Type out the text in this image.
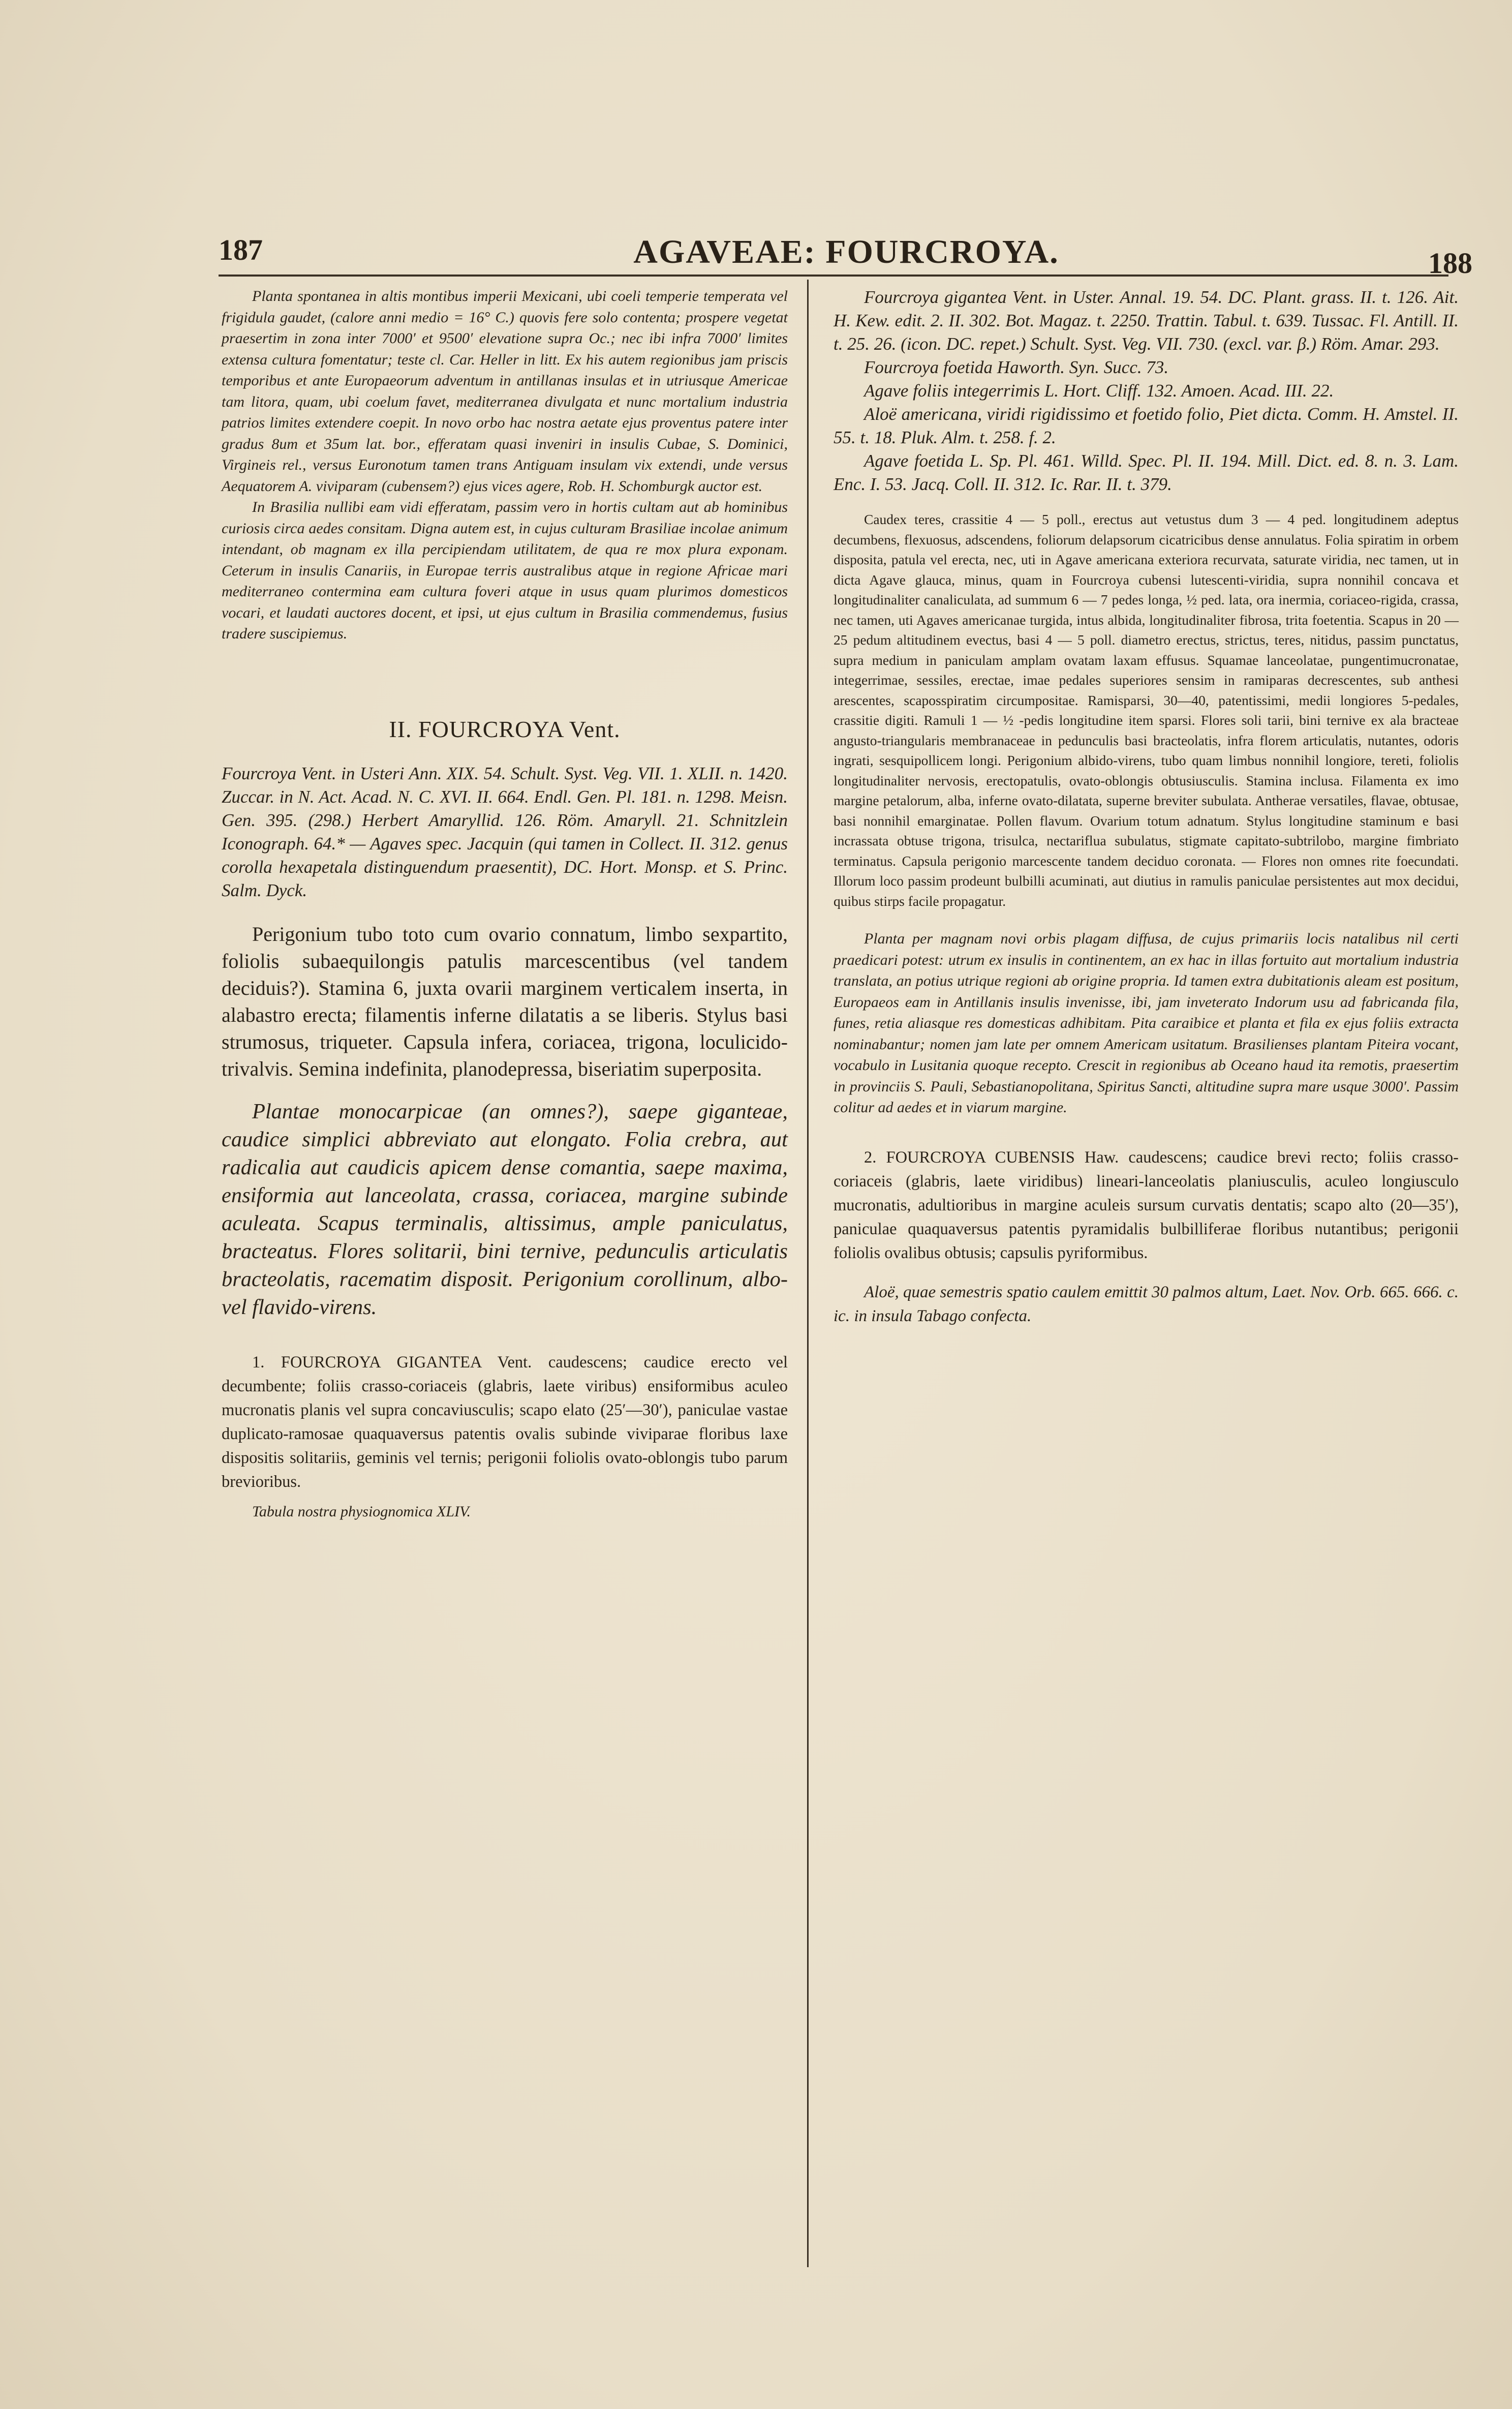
187	AGAVEAE: FOURCROYA.	188

Planta spontanea in altis montibus imperii Mexicani, ubi coeli temperie temperata vel frigidula gaudet, (calore anni medio = 16° C.) quovis fere solo contenta; prospere vegetat praesertim in zona inter 7000′ et 9500′ elevatione supra Oc.; nec ibi infra 7000′ limites extensa cultura fomentatur; teste cl. Car. Heller in litt. Ex his autem regionibus jam priscis temporibus et ante Europaeorum adventum in antillanas insulas et in utriusque Americae tam litora, quam, ubi coelum favet, mediterranea divulgata et nunc mortalium industria patrios limites extendere coepit. In novo orbo hac nostra aetate ejus proventus patere inter gradus 8um et 35um lat. bor., efferatam quasi inveniri in insulis Cubae, S. Dominici, Virgineis rel., versus Euronotum tamen trans Antiguam insulam vix extendi, unde versus Aequatorem A. viviparam (cubensem?) ejus vices agere, Rob. H. Schomburgk auctor est.

In Brasilia nullibi eam vidi efferatam, passim vero in hortis cultam aut ab hominibus curiosis circa aedes consitam. Digna autem est, in cujus culturam Brasiliae incolae animum intendant, ob magnam ex illa percipiendam utilitatem, de qua re mox plura exponam. Ceterum in insulis Canariis, in Europae terris australibus atque in regione Africae mari mediterraneo contermina eam cultura foveri atque in usus quam plurimos domesticos vocari, et laudati auctores docent, et ipsi, ut ejus cultum in Brasilia commendemus, fusius tradere suscipiemus.

II. FOURCROYA Vent.

Fourcroya Vent. in Usteri Ann. XIX. 54. Schult. Syst. Veg. VII. 1. XLII. n. 1420. Zuccar. in N. Act. Acad. N. C. XVI. II. 664. Endl. Gen. Pl. 181. n. 1298. Meisn. Gen. 395. (298.) Herbert Amaryllid. 126. Röm. Amaryll. 21. Schnitzlein Iconograph. 64.* — Agaves spec. Jacquin (qui tamen in Collect. II. 312. genus corolla hexapetala distinguendum praesentit), DC. Hort. Monsp. et S. Princ. Salm. Dyck.

Perigonium tubo toto cum ovario connatum, limbo sexpartito, foliolis subaequilongis patulis marcescentibus (vel tandem deciduis?). Stamina 6, juxta ovarii marginem verticalem inserta, in alabastro erecta; filamentis inferne dilatatis a se liberis. Stylus basi strumosus, triqueter. Capsula infera, coriacea, trigona, loculicido-trivalvis. Semina indefinita, planodepressa, biseriatim superposita.

Plantae monocarpicae (an omnes?), saepe giganteae, caudice simplici abbreviato aut elongato. Folia crebra, aut radicalia aut caudicis apicem dense comantia, saepe maxima, ensiformia aut lanceolata, crassa, coriacea, margine subinde aculeata. Scapus terminalis, altissimus, ample paniculatus, bracteatus. Flores solitarii, bini ternive, pedunculis articulatis bracteolatis, racematim disposit. Perigonium corollinum, albo- vel flavido-virens.

1. FOURCROYA GIGANTEA Vent. caudescens; caudice erecto vel decumbente; foliis crasso-coriaceis (glabris, laete viribus) ensiformibus aculeo mucronatis planis vel supra concaviusculis; scapo elato (25′—30′), paniculae vastae duplicato-ramosae quaquaversus patentis ovalis subinde viviparae floribus laxe dispositis solitariis, geminis vel ternis; perigonii foliolis ovato-oblongis tubo parum brevioribus.

Tabula nostra physiognomica XLIV.

Fourcroya gigantea Vent. in Uster. Annal. 19. 54. DC. Plant. grass. II. t. 126. Ait. H. Kew. edit. 2. II. 302. Bot. Magaz. t. 2250. Trattin. Tabul. t. 639. Tussac. Fl. Antill. II. t. 25. 26. (icon. DC. repet.) Schult. Syst. Veg. VII. 730. (excl. var. β.) Röm. Amar. 293.

Fourcroya foetida Haworth. Syn. Succ. 73.

Agave foliis integerrimis L. Hort. Cliff. 132. Amoen. Acad. III. 22.

Aloë americana, viridi rigidissimo et foetido folio, Piet dicta. Comm. H. Amstel. II. 55. t. 18. Pluk. Alm. t. 258. f. 2.

Agave foetida L. Sp. Pl. 461. Willd. Spec. Pl. II. 194. Mill. Dict. ed. 8. n. 3. Lam. Enc. I. 53. Jacq. Coll. II. 312. Ic. Rar. II. t. 379.

Caudex teres, crassitie 4 — 5 poll., erectus aut vetustus dum 3 — 4 ped. longitudinem adeptus decumbens, flexuosus, adscendens, foliorum delapsorum cicatricibus dense annulatus. Folia spiratim in orbem disposita, patula vel erecta, nec, uti in Agave americana exteriora recurvata, saturate viridia, nec tamen, ut in dicta Agave glauca, minus, quam in Fourcroya cubensi lutescenti-viridia, supra nonnihil concava et longitudinaliter canaliculata, ad summum 6 — 7 pedes longa, ½ ped. lata, ora inermia, coriaceo-rigida, crassa, nec tamen, uti Agaves americanae turgida, intus albida, longitudinaliter fibrosa, trita foetentia. Scapus in 20 — 25 pedum altitudinem evectus, basi 4 — 5 poll. diametro erectus, strictus, teres, nitidus, passim punctatus, supra medium in paniculam amplam ovatam laxam effusus. Squamae lanceolatae, pungentimucronatae, integerrimae, sessiles, erectae, imae pedales superiores sensim in ramiparas decrescentes, sub anthesi arescentes, scaposspiratim circumpositae. Ramisparsi, 30—40, patentissimi, medii longiores 5-pedales, crassitie digiti. Ramuli 1 — ½ -pedis longitudine item sparsi. Flores soli tarii, bini ternive ex ala bracteae angusto-triangularis membranaceae in pedunculis basi bracteolatis, infra florem articulatis, nutantes, odoris ingrati, sesquipollicem longi. Perigonium albido-virens, tubo quam limbus nonnihil longiore, tereti, foliolis longitudinaliter nervosis, erectopatulis, ovato-oblongis obtusiusculis. Stamina inclusa. Filamenta ex imo margine petalorum, alba, inferne ovato-dilatata, superne breviter subulata. Antherae versatiles, flavae, obtusae, basi nonnihil emarginatae. Pollen flavum. Ovarium totum adnatum. Stylus longitudine staminum e basi incrassata obtuse trigona, trisulca, nectariflua subulatus, stigmate capitato-subtrilobo, margine fimbriato terminatus. Capsula perigonio marcescente tandem deciduo coronata. — Flores non omnes rite foecundati. Illorum loco passim prodeunt bulbilli acuminati, aut diutius in ramulis paniculae persistentes aut mox decidui, quibus stirps facile propagatur.

Planta per magnam novi orbis plagam diffusa, de cujus primariis locis natalibus nil certi praedicari potest: utrum ex insulis in continentem, an ex hac in illas fortuito aut mortalium industria translata, an potius utrique regioni ab origine propria. Id tamen extra dubitationis aleam est positum, Europaeos eam in Antillanis insulis invenisse, ibi, jam inveterato Indorum usu ad fabricanda fila, funes, retia aliasque res domesticas adhibitam. Pita caraibice et planta et fila ex ejus foliis extracta nominabantur; nomen jam late per omnem Americam usitatum. Brasilienses plantam Piteira vocant, vocabulo in Lusitania quoque recepto. Crescit in regionibus ab Oceano haud ita remotis, praesertim in provinciis S. Pauli, Sebastianopolitana, Spiritus Sancti, altitudine supra mare usque 3000′. Passim colitur ad aedes et in viarum margine.

2. FOURCROYA CUBENSIS Haw. caudescens; caudice brevi recto; foliis crasso-coriaceis (glabris, laete viridibus) lineari-lanceolatis planiusculis, aculeo longiusculo mucronatis, adultioribus in margine aculeis sursum curvatis dentatis; scapo alto (20—35′), paniculae quaquaversus patentis pyramidalis bulbilliferae floribus nutantibus; perigonii foliolis ovalibus obtusis; capsulis pyriformibus.

Aloë, quae semestris spatio caulem emittit 30 palmos altum, Laet. Nov. Orb. 665. 666. c. ic. in insula Tabago confecta.
